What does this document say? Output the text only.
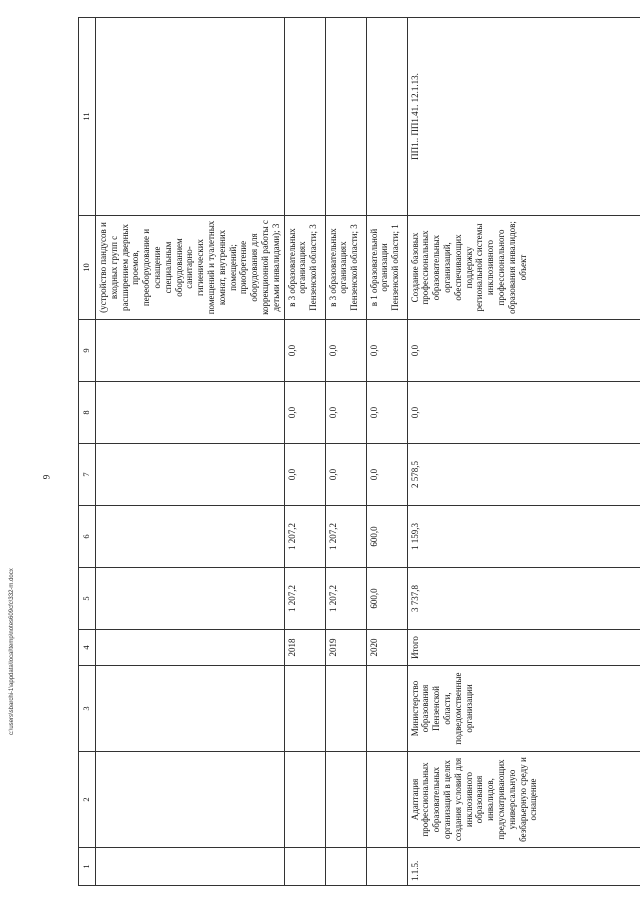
9
c:\users\sbarchi-1\appdata\local\temp\notes609cfc\332-m.docx
1	2	3	4	5	6	7	8	9	10	11
									(устройство пандусов и входных групп с расширением дверных проемов, переоборудование и оснащение специальным оборудованием санитарно-гигиенических помещений и туалетных комнат, внутренних помещений; приобретение оборудования для коррекционной работы с детьми инвалидами); 3	
			2018	1 207,2	1 207,2	0,0	0,0	0,0	в 3 образовательных организациях Пензенской области; 3	
			2019	1 207,2	1 207,2	0,0	0,0	0,0	в 3 образовательных организациях Пензенской области; 3	
			2020	600,0	600,0	0,0	0,0	0,0	в 1 образовательной организации Пензенской области; 1	
1.1.5.	Адаптация профессиональных образовательных организаций в целях создания условий для инклюзивного образования инвалидов, предусматривающих универсальную безбарьерную среду и оснащение	Министерство образования Пензенской области, подведомственные организации	Итого	3 737,8	1 159,3	2 578,5	0,0	0,0	Создание базовых профессиональных образовательных организаций, обеспечивающих поддержку региональной системы инклюзивного профессионального образования инвалидов; объект	ПП1.. ПП1.41. 12.1.13.
